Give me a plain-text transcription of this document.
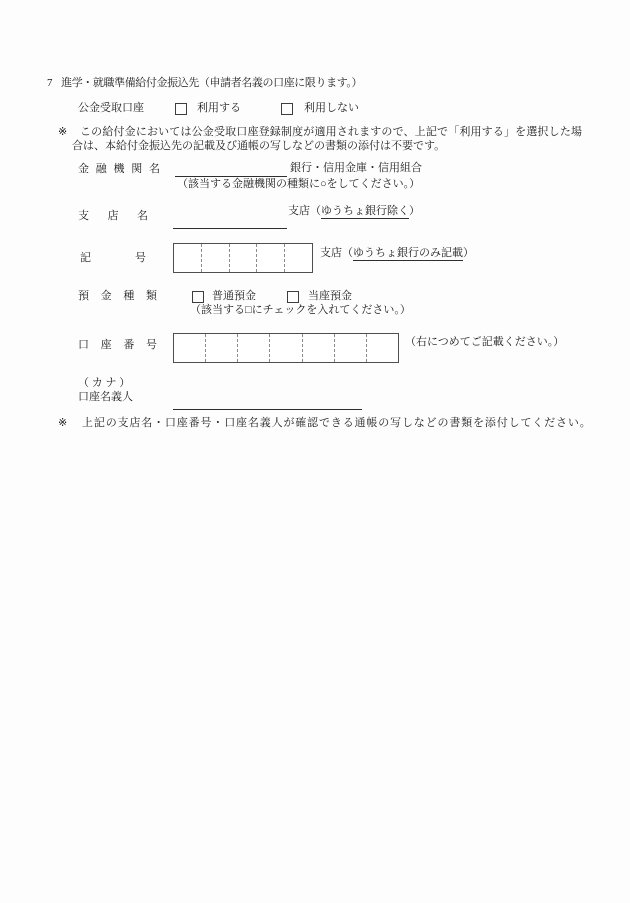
7 進学・就職準備給付金振込先（申請者名義の口座に限ります。）
公金受取口座	利用する	利用しない
※	この給付金においては公金受取口座登録制度が適用されますので、上記で「利用する」を選択した場合は、本給付金振込先の記載及び通帳の写しなどの書類の添付は不要です。

金融機関名	銀行・信用金庫・信用組合
（該当する金融機関の種類に○をしてください。）
支店名	支店（ゆうちょ銀行除く）
記号	支店（ゆうちょ銀行のみ記載）
預金種類	普通預金	当座預金
（該当する□にチェックを入れてください。）
口座番号	（右につめてご記載ください。）
（ カ ナ ）
口座名義人
※ 上記の支店名・口座番号・口座名義人が確認できる通帳の写しなどの書類を添付してください。
